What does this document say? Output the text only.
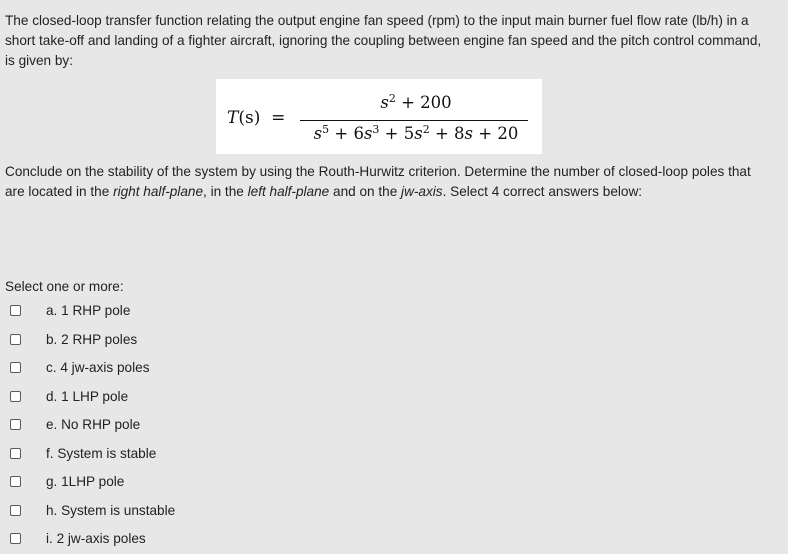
The closed-loop transfer function relating the output engine fan speed (rpm) to the input main burner fuel flow rate (lb/h) in a short take-off and landing of a fighter aircraft, ignoring the coupling between engine fan speed and the pitch control command, is given by:

T(s) =
$s^2 + 200$
$s^5 + 6s^3 + 5s^2 + 8s + 20$

Conclude on the stability of the system by using the Routh-Hurwitz criterion. Determine the number of closed-loop poles that are located in the right half-plane, in the left half-plane and on the jw-axis. Select 4 correct answers below:

Select one or more:
a. 1 RHP pole
b. 2 RHP poles
c. 4 jw-axis poles
d. 1 LHP pole
e. No RHP pole
f. System is stable
g. 1LHP pole
h. System is unstable
i. 2 jw-axis poles
